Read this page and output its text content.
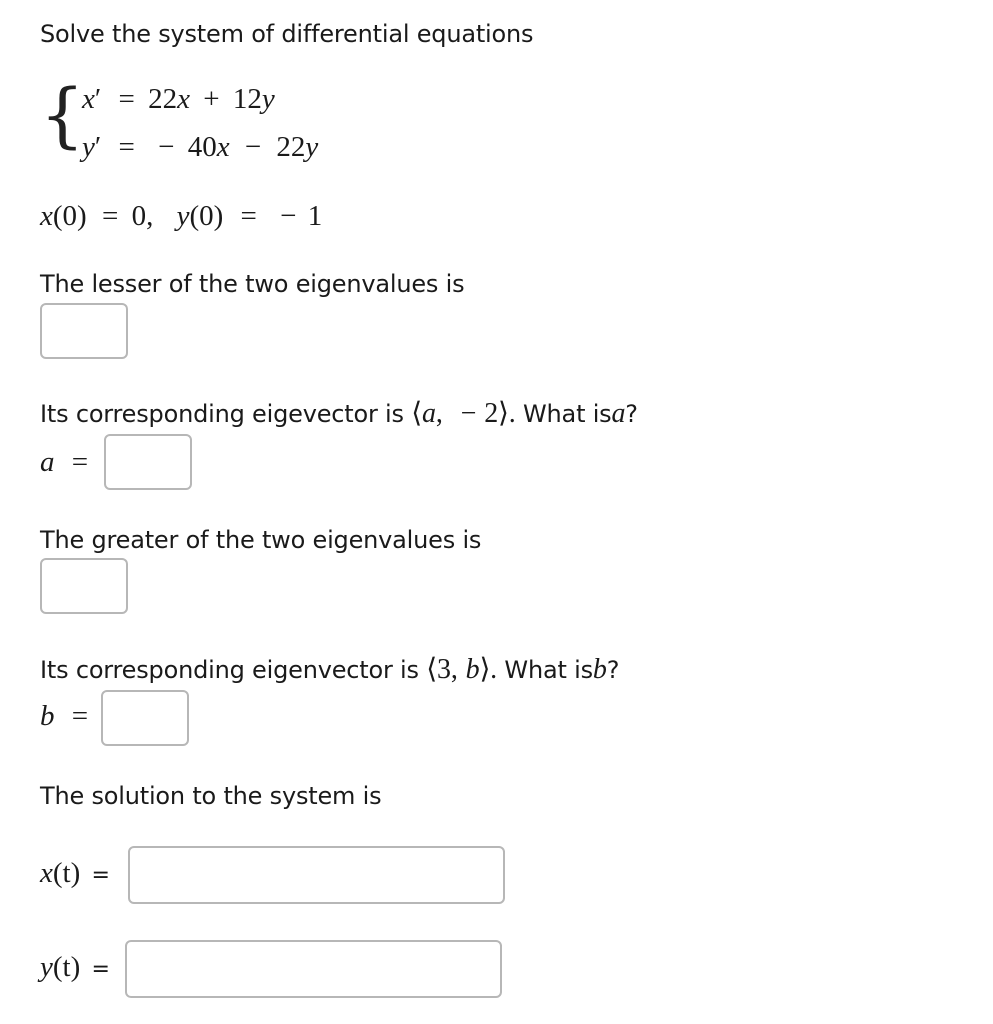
Solve the system of differential equations
{
x′ = 22x + 12y
y′ = − 40x − 22y
x(0) = 0, y(0) = − 1
The lesser of the two eigenvalues is
Its corresponding eigevector is ⟨a, − 2⟩. What isa?
a =
The greater of the two eigenvalues is
Its corresponding eigenvector is ⟨3, b⟩. What isb?
b =
The solution to the system is
x(t) =
y(t) =
